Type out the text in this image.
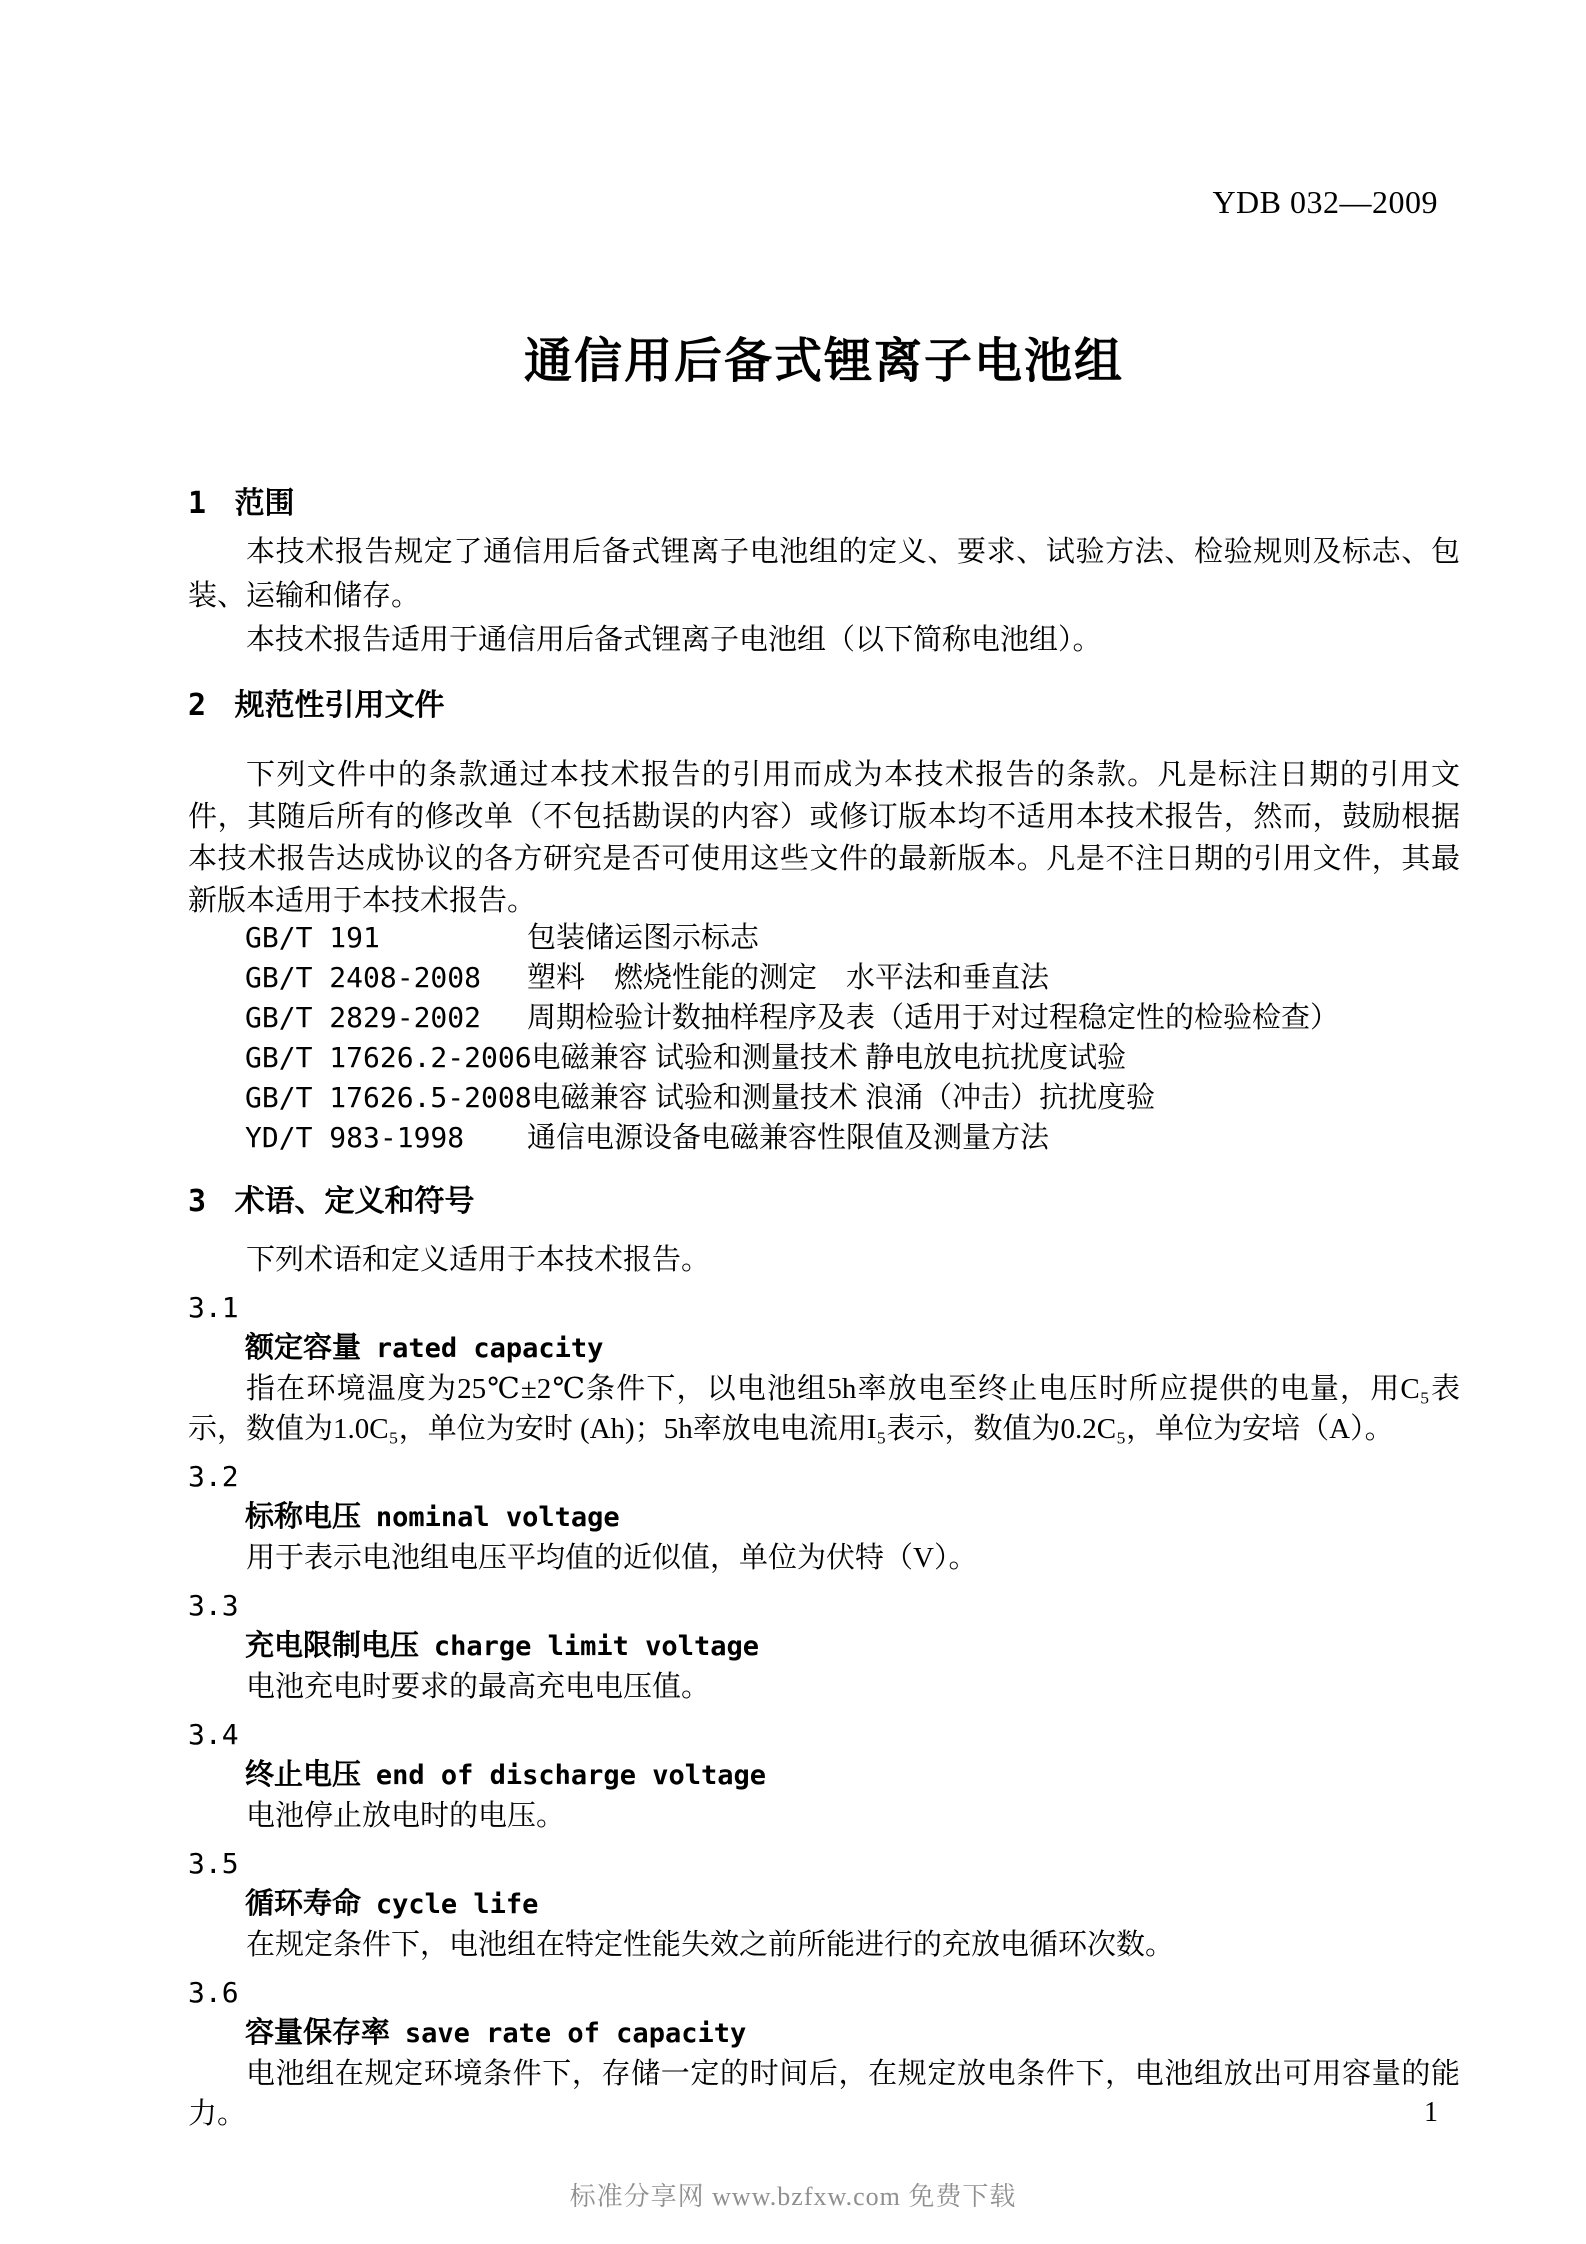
YDB 032—2009
通信用后备式锂离子电池组
1 范围

本技术报告规定了通信用后备式锂离子电池组的定义、要求、试验方法、检验规则及标志、包装、运输和储存。

本技术报告适用于通信用后备式锂离子电池组（以下简称电池组）。

2 规范性引用文件

下列文件中的条款通过本技术报告的引用而成为本技术报告的条款。凡是标注日期的引用文件，其随后所有的修改单（不包括勘误的内容）或修订版本均不适用本技术报告，然而，鼓励根据本技术报告达成协议的各方研究是否可使用这些文件的最新版本。凡是不注日期的引用文件，其最新版本适用于本技术报告。

GB/T 191	包装储运图示标志
GB/T 2408-2008	塑料　燃烧性能的测定　水平法和垂直法
GB/T 2829-2002	周期检验计数抽样程序及表（适用于对过程稳定性的检验检查）
GB/T 17626.2-2006 电磁兼容 试验和测量技术 静电放电抗扰度试验
GB/T 17626.5-2008 电磁兼容 试验和测量技术 浪涌（冲击）抗扰度验
YD/T 983-1998	通信电源设备电磁兼容性限值及测量方法
3 术语、定义和符号

下列术语和定义适用于本技术报告。

3.1
额定容量 rated capacity

指在环境温度为25℃±2℃条件下，以电池组5h率放电至终止电压时所应提供的电量，用C₅表示，数值为1.0C₅，单位为安时 (Ah)；5h率放电电流用I₅表示，数值为0.2C₅，单位为安培（A）。

3.2
标称电压 nominal voltage

用于表示电池组电压平均值的近似值，单位为伏特（V）。

3.3
充电限制电压 charge limit voltage

电池充电时要求的最高充电电压值。

3.4
终止电压 end of discharge voltage

电池停止放电时的电压。

3.5
循环寿命 cycle life

在规定条件下，电池组在特定性能失效之前所能进行的充放电循环次数。

3.6
容量保存率 save rate of capacity

电池组在规定环境条件下，存储一定的时间后，在规定放电条件下，电池组放出可用容量的能力。	1
标准分享网 www.bzfxw.com 免费下载
